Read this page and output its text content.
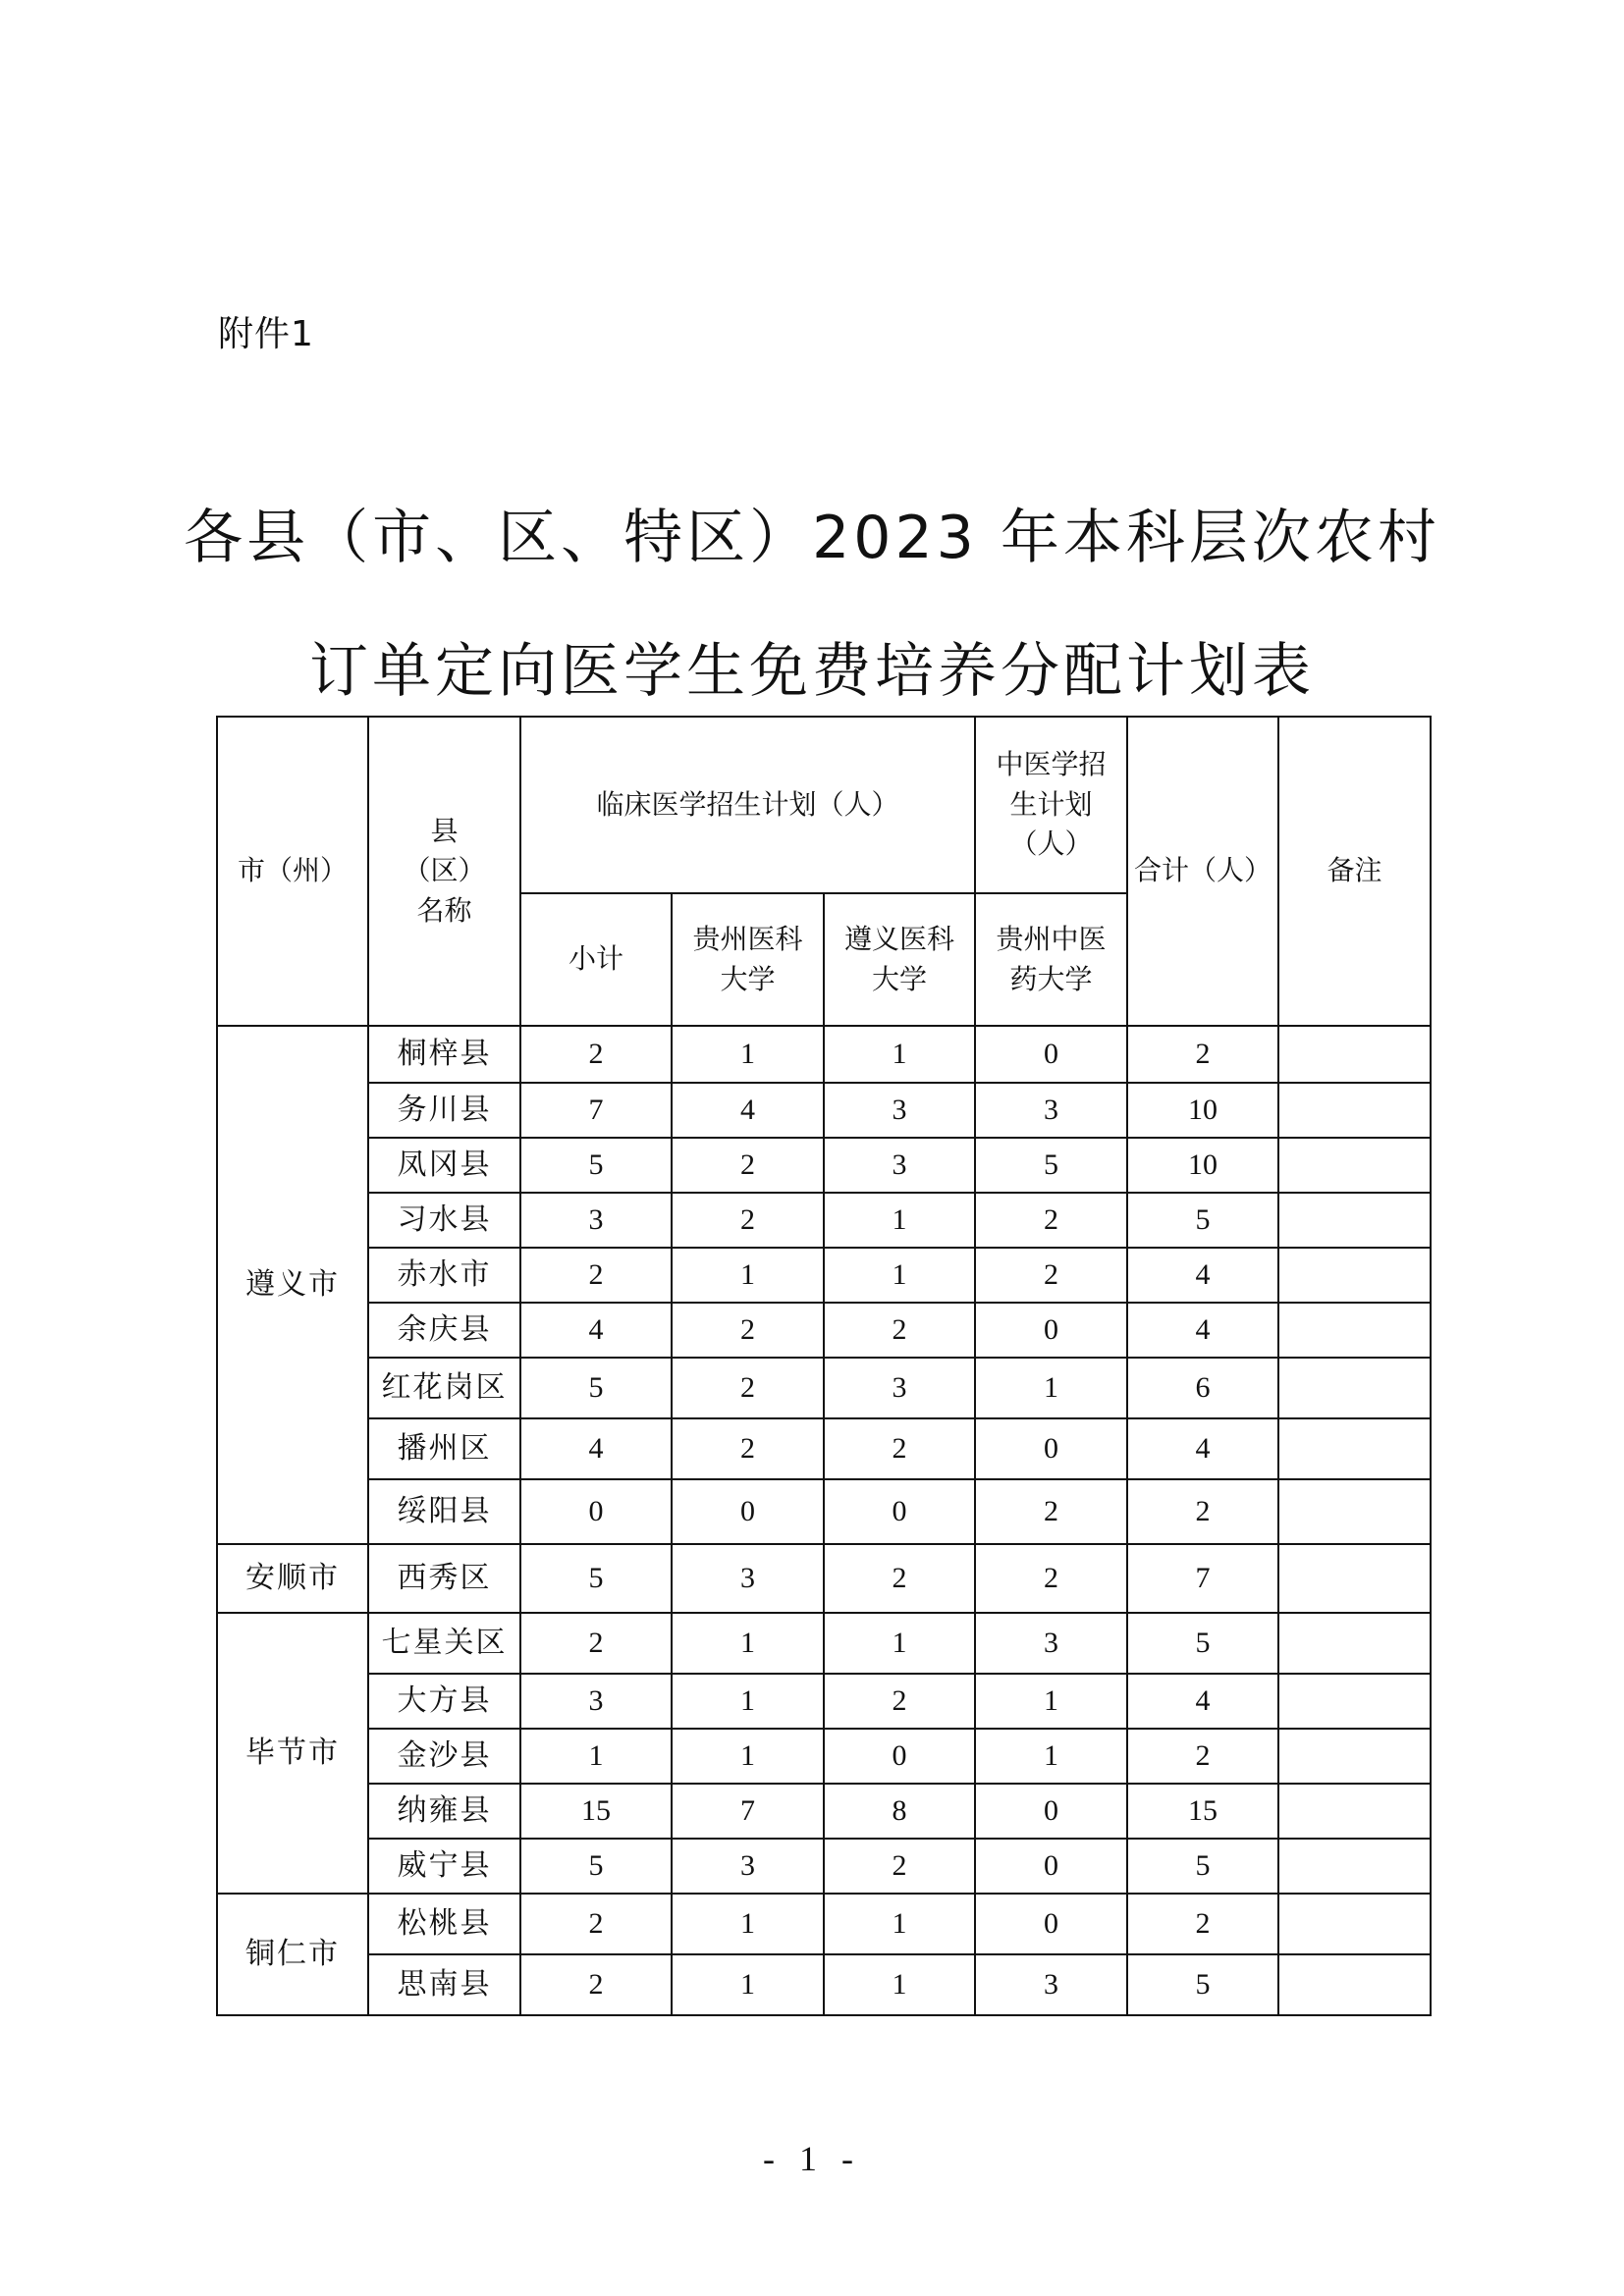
附件1
各县（市、区、特区）2023 年本科层次农村
订单定向医学生免费培养分配计划表
市（州）	县（区）名称	临床医学招生计划（人）			中医学招生计划（人）	合计（人）	备注
		小计	贵州医科大学	遵义医科大学	贵州中医药大学		
遵义市	桐梓县	2	1	1	0	2	
	务川县	7	4	3	3	10	
	凤冈县	5	2	3	5	10	
	习水县	3	2	1	2	5	
	赤水市	2	1	1	2	4	
	余庆县	4	2	2	0	4	
	红花岗区	5	2	3	1	6	
	播州区	4	2	2	0	4	
	绥阳县	0	0	0	2	2	
安顺市	西秀区	5	3	2	2	7	
毕节市	七星关区	2	1	1	3	5	
	大方县	3	1	2	1	4	
	金沙县	1	1	0	1	2	
	纳雍县	15	7	8	0	15	
	威宁县	5	3	2	0	5	
铜仁市	松桃县	2	1	1	0	2	
	思南县	2	1	1	3	5	
- 1 -
